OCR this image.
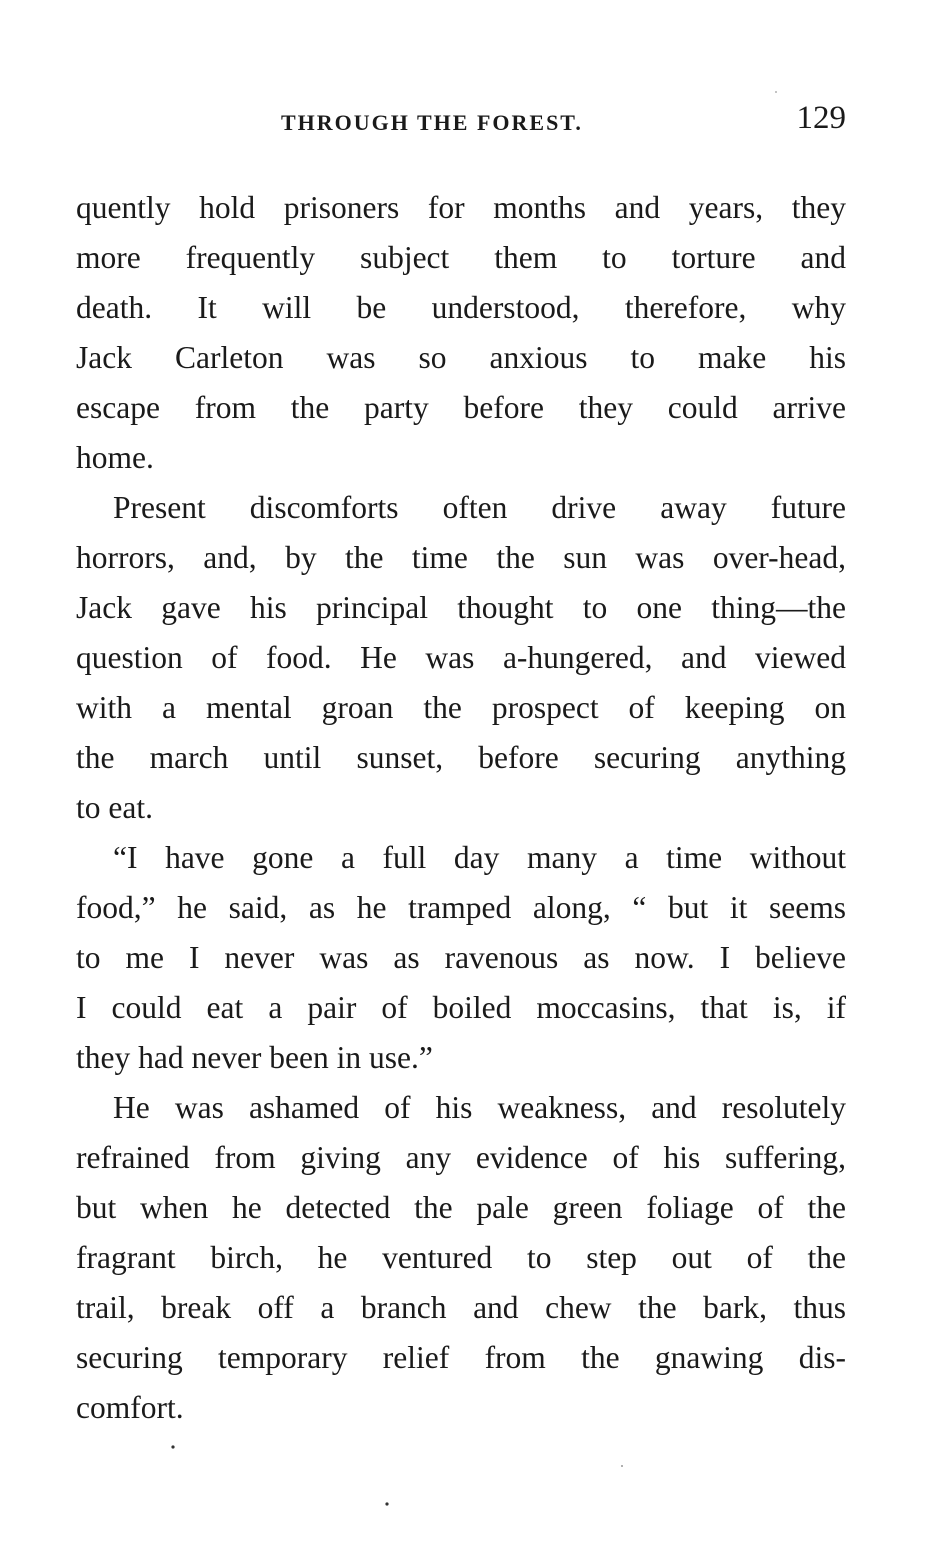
THROUGH THE FOREST.	129
quently hold prisoners for months and years, they
more frequently subject them to torture and
death. It will be understood, therefore, why
Jack Carleton was so anxious to make his
escape from the party before they could arrive
home.
Present discomforts often drive away future
horrors, and, by the time the sun was over-head,
Jack gave his principal thought to one thing—the
question of food. He was a-hungered, and viewed
with a mental groan the prospect of keeping on
the march until sunset, before securing anything
to eat.
“I have gone a full day many a time without
food,” he said, as he tramped along, “ but it seems
to me I never was as ravenous as now. I believe
I could eat a pair of boiled moccasins, that is, if
they had never been in use.”
He was ashamed of his weakness, and resolutely
refrained from giving any evidence of his suffering,
but when he detected the pale green foliage of the
fragrant birch, he ventured to step out of the
trail, break off a branch and chew the bark, thus
securing temporary relief from the gnawing dis-
comfort.
